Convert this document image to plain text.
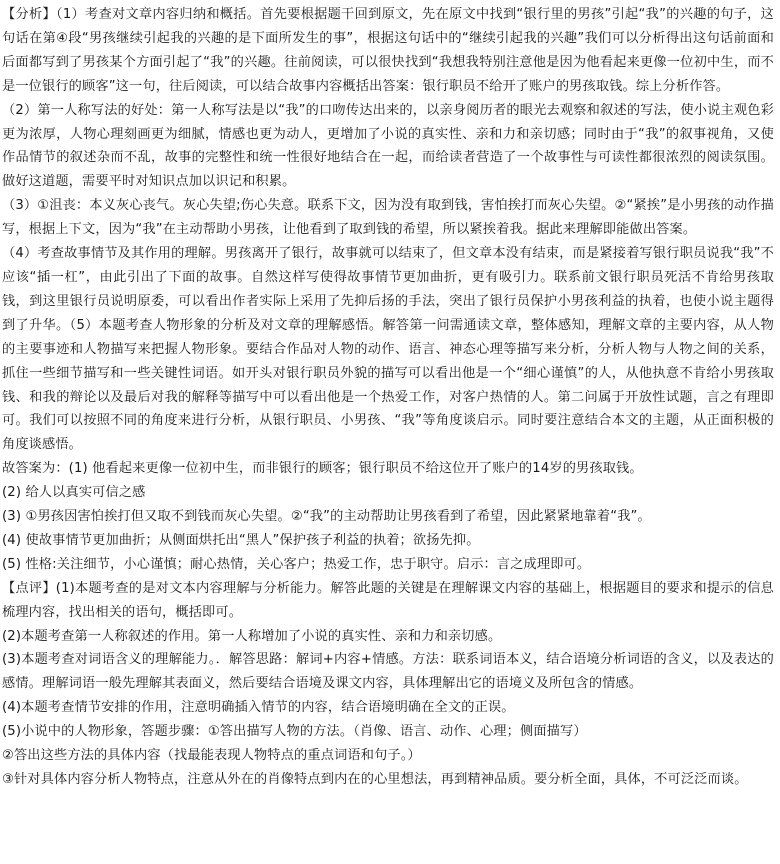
【分析】（1）考查对文章内容归纳和概括。首先要根据题干回到原文，先在原文中找到“银行里的男孩”引起“我”的兴趣的句子，这句话在第④段“男孩继续引起我的兴趣的是下面所发生的事”，根据这句话中的“继续引起我的兴趣”我们可以分析得出这句话前面和后面都写到了男孩某个方面引起了“我”的兴趣。往前阅读，可以很快找到“我想我特别注意他是因为他看起来更像一位初中生，而不是一位银行的顾客”这一句，往后阅读，可以结合故事内容概括出答案：银行职员不给开了账户的男孩取钱。综上分析作答。

（2）第一人称写法的好处：第一人称写法是以“我”的口吻传达出来的，以亲身阅历者的眼光去观察和叙述的写法，使小说主观色彩更为浓厚，人物心理刻画更为细腻，情感也更为动人，更增加了小说的真实性、亲和力和亲切感；同时由于“我”的叙事视角，又使作品情节的叙述杂而不乱，故事的完整性和统一性很好地结合在一起，而给读者营造了一个故事性与可读性都很浓烈的阅读氛围。做好这道题，需要平时对知识点加以识记和积累。

（3）①沮丧：本义灰心丧气。灰心失望;伤心失意。联系下文，因为没有取到钱，害怕挨打而灰心失望。②“紧挨”是小男孩的动作描写，根据上下文，因为“我”在主动帮助小男孩，让他看到了取到钱的希望，所以紧挨着我。据此来理解即能做出答案。

（4）考查故事情节及其作用的理解。男孩离开了银行，故事就可以结束了，但文章本没有结束，而是紧接着写银行职员说我“我”不应该“插一杠”，由此引出了下面的故事。自然这样写使得故事情节更加曲折，更有吸引力。联系前文银行职员死活不肯给男孩取钱，到这里银行员说明原委，可以看出作者实际上采用了先抑后扬的手法，突出了银行员保护小男孩利益的执着，也使小说主题得到了升华。（5）本题考查人物形象的分析及对文章的理解感悟。解答第一问需通读文章，整体感知，理解文章的主要内容，从人物的主要事迹和人物描写来把握人物形象。要结合作品对人物的动作、语言、神态心理等描写来分析，分析人物与人物之间的关系，抓住一些细节描写和一些关键性词语。如开头对银行职员外貌的描写可以看出他是一个“细心谨慎”的人，从他执意不肯给小男孩取钱、和我的辩论以及最后对我的解释等描写中可以看出他是一个热爱工作，对客户热情的人。第二问属于开放性试题，言之有理即可。我们可以按照不同的角度来进行分析，从银行职员、小男孩、“我”等角度谈启示。同时要注意结合本文的主题，从正面积极的角度谈感悟。

故答案为：(1) 他看起来更像一位初中生，而非银行的顾客；银行职员不给这位开了账户的14岁的男孩取钱。

(2) 给人以真实可信之感

(3) ①男孩因害怕挨打但又取不到钱而灰心失望。②“我”的主动帮助让男孩看到了希望，因此紧紧地靠着“我”。

(4) 使故事情节更加曲折；从侧面烘托出“黑人”保护孩子利益的执着；欲扬先抑。

(5) 性格:关注细节，小心谨慎；耐心热情，关心客户；热爱工作，忠于职守。启示：言之成理即可。

【点评】(1)本题考查的是对文本内容理解与分析能力。解答此题的关键是在理解课文内容的基础上，根据题目的要求和提示的信息梳理内容，找出相关的语句，概括即可。

(2)本题考查第一人称叙述的作用。第一人称增加了小说的真实性、亲和力和亲切感。

(3)本题考查对词语含义的理解能力。．解答思路：解词+内容+情感。方法：联系词语本义，结合语境分析词语的含义，以及表达的感情。理解词语一般先理解其表面义，然后要结合语境及课文内容，具体理解出它的语境义及所包含的情感。

(4)本题考查情节安排的作用，注意明确插入情节的内容，结合语境明确在全文的正误。

(5)小说中的人物形象，答题步骤：①答出描写人物的方法。（肖像、语言、动作、心理；侧面描写）

②答出这些方法的具体内容（找最能表现人物特点的重点词语和句子。）

③针对具体内容分析人物特点，注意从外在的肖像特点到内在的心里想法，再到精神品质。要分析全面，具体，不可泛泛而谈。
